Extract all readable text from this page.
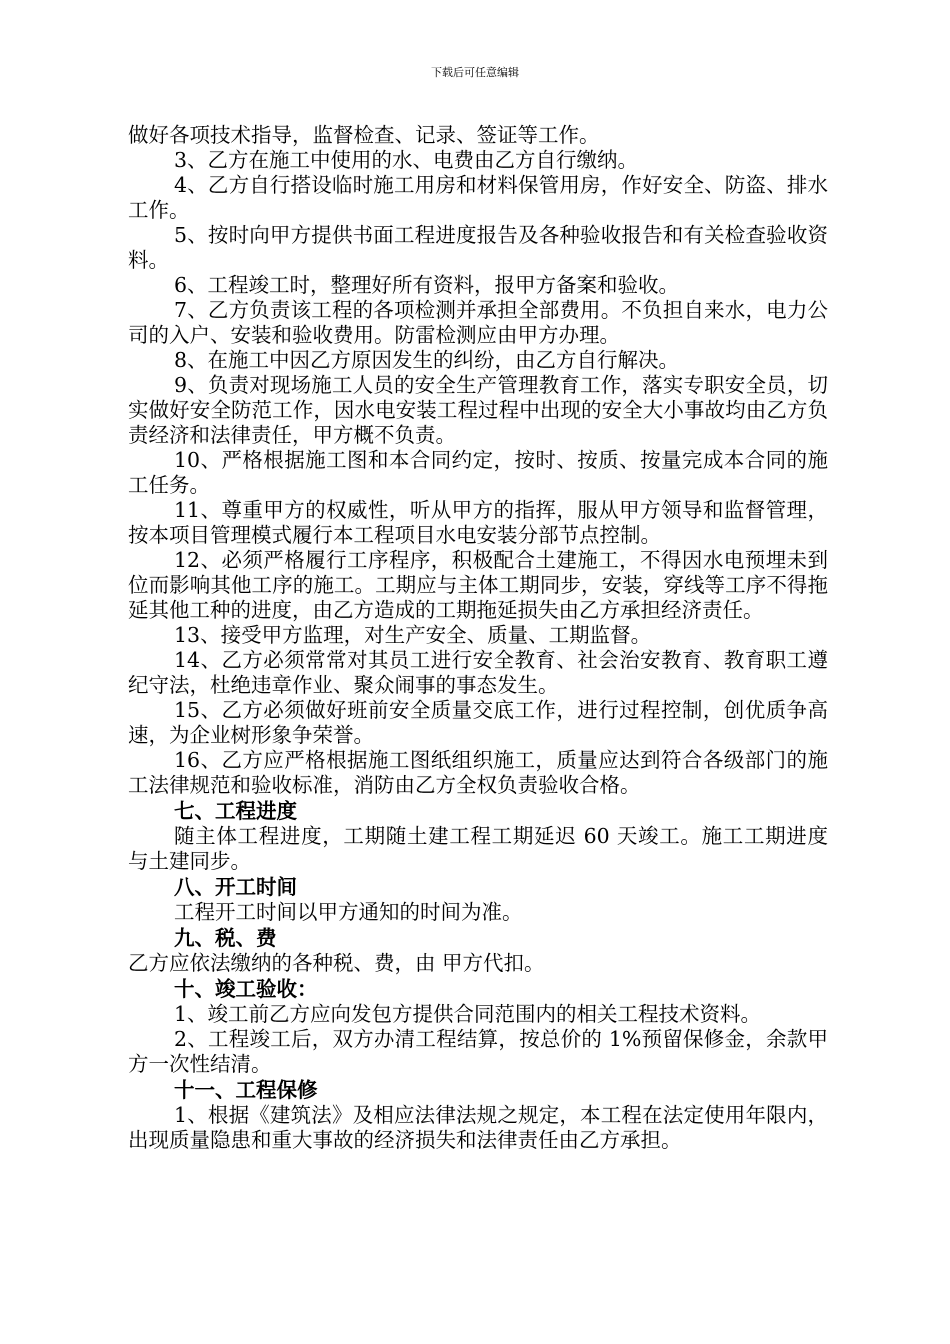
下载后可任意编辑

做好各项技术指导，监督检查、记录、签证等工作。

3、乙方在施工中使用的水、电费由乙方自行缴纳。

4、乙方自行搭设临时施工用房和材料保管用房，作好安全、防盗、排水工作。

5、按时向甲方提供书面工程进度报告及各种验收报告和有关检查验收资料。

6、工程竣工时，整理好所有资料，报甲方备案和验收。

7、乙方负责该工程的各项检测并承担全部费用。不负担自来水，电力公司的入户、安装和验收费用。防雷检测应由甲方办理。

8、在施工中因乙方原因发生的纠纷，由乙方自行解决。

9、负责对现场施工人员的安全生产管理教育工作，落实专职安全员，切实做好安全防范工作，因水电安装工程过程中出现的安全大小事故均由乙方负责经济和法律责任，甲方概不负责。

10、严格根据施工图和本合同约定，按时、按质、按量完成本合同的施工任务。

11、尊重甲方的权威性，听从甲方的指挥，服从甲方领导和监督管理，按本项目管理模式履行本工程项目水电安装分部节点控制。

12、必须严格履行工序程序，积极配合土建施工，不得因水电预埋未到位而影响其他工序的施工。工期应与主体工期同步，安装，穿线等工序不得拖延其他工种的进度，由乙方造成的工期拖延损失由乙方承担经济责任。

13、接受甲方监理，对生产安全、质量、工期监督。

14、乙方必须常常对其员工进行安全教育、社会治安教育、教育职工遵纪守法，杜绝违章作业、聚众闹事的事态发生。

15、乙方必须做好班前安全质量交底工作，进行过程控制，创优质争高速，为企业树形象争荣誉。

16、乙方应严格根据施工图纸组织施工，质量应达到符合各级部门的施工法律规范和验收标准，消防由乙方全权负责验收合格。

七、工程进度

随主体工程进度，工期随土建工程工期延迟 60 天竣工。施工工期进度与土建同步。

八、开工时间

工程开工时间以甲方通知的时间为准。

九、税、费

乙方应依法缴纳的各种税、费，由 甲方代扣。

十、竣工验收：

1、竣工前乙方应向发包方提供合同范围内的相关工程技术资料。

2、工程竣工后，双方办清工程结算，按总价的 1%预留保修金，余款甲方一次性结清。

十一、工程保修

1、根据《建筑法》及相应法律法规之规定，本工程在法定使用年限内，出现质量隐患和重大事故的经济损失和法律责任由乙方承担。
